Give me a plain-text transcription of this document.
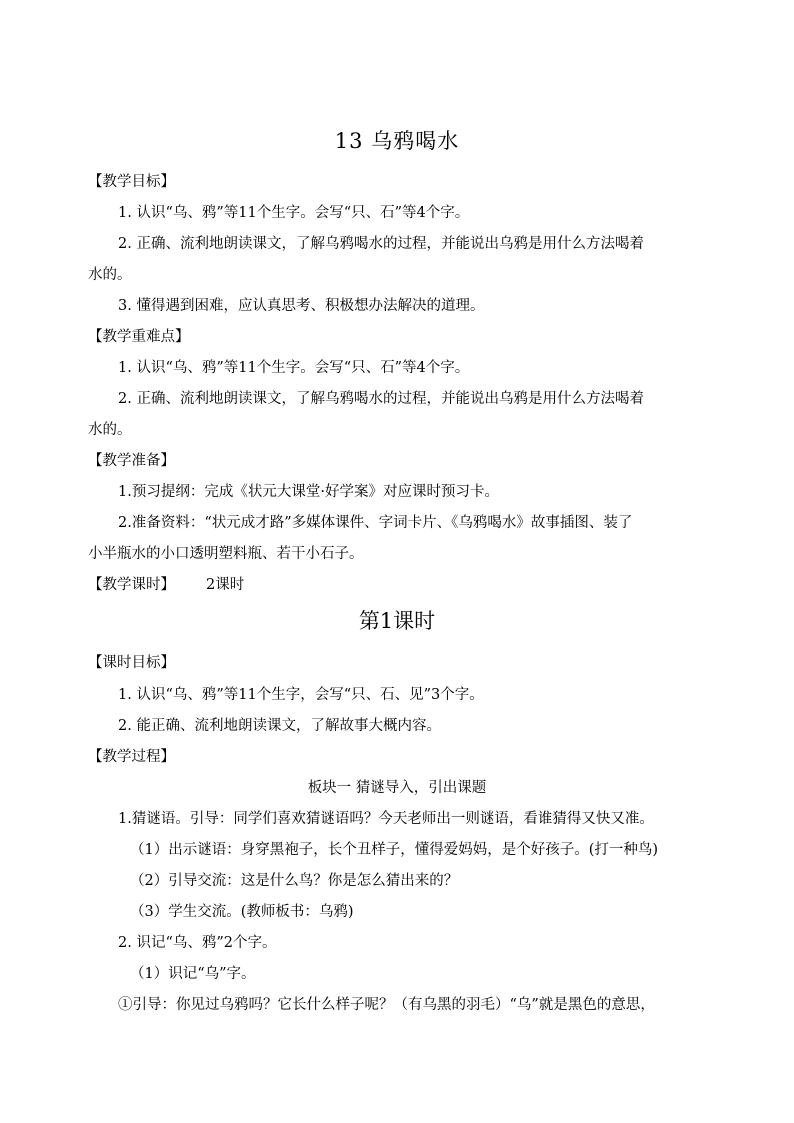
13 乌鸦喝水
【教学目标】
1. 认识“乌、鸦”等11个生字。会写“只、石”等4个字。
2. 正确、流利地朗读课文，了解乌鸦喝水的过程，并能说出乌鸦是用什么方法喝着
水的。
3. 懂得遇到困难，应认真思考、积极想办法解决的道理。
【教学重难点】
1. 认识“乌、鸦”等11个生字。会写“只、石”等4个字。
2. 正确、流利地朗读课文，了解乌鸦喝水的过程，并能说出乌鸦是用什么方法喝着
水的。
【教学准备】
1.预习提纲：完成《状元大课堂·好学案》对应课时预习卡。
2.准备资料：“状元成才路”多媒体课件、字词卡片、《乌鸦喝水》故事插图、装了
小半瓶水的小口透明塑料瓶、若干小石子。
【教学课时】 2课时
第1课时
【课时目标】
1. 认识“乌、鸦”等11个生字，会写“只、石、见”3个字。
2. 能正确、流利地朗读课文，了解故事大概内容。
【教学过程】
板块一 猜谜导入，引出课题
1.猜谜语。引导：同学们喜欢猜谜语吗？今天老师出一则谜语，看谁猜得又快又准。
（1）出示谜语：身穿黑袍子，长个丑样子，懂得爱妈妈，是个好孩子。(打一种鸟)
（2）引导交流：这是什么鸟？你是怎么猜出来的？
（3）学生交流。(教师板书：乌鸦)
2. 识记“乌、鸦”2个字。
（1）识记“乌”字。
①引导：你见过乌鸦吗？它长什么样子呢？（有乌黑的羽毛）“乌”就是黑色的意思，
